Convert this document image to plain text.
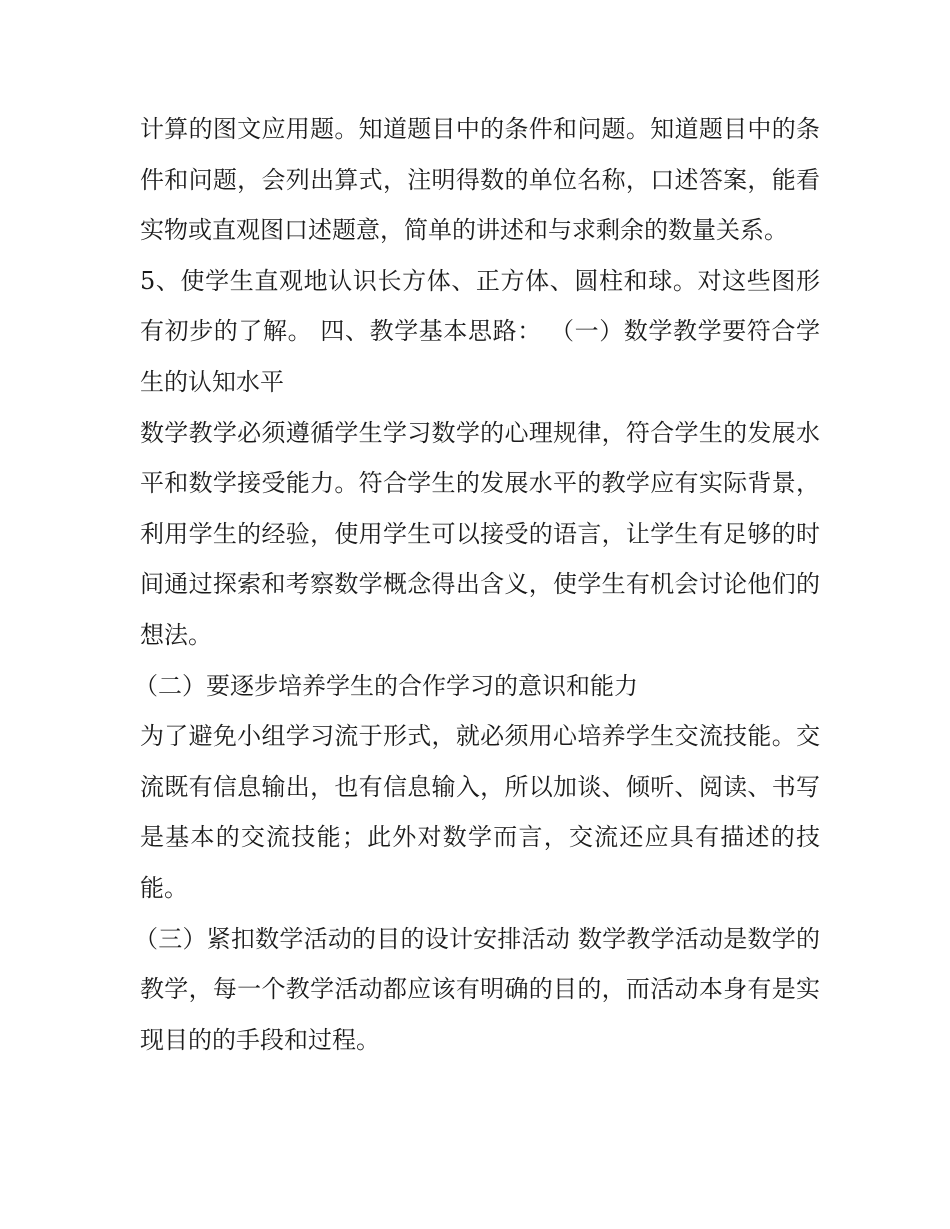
计算的图文应用题。知道题目中的条件和问题。知道题目中的条件和问题，会列出算式，注明得数的单位名称，口述答案，能看实物或直观图口述题意，简单的讲述和与求剩余的数量关系。

5、使学生直观地认识长方体、正方体、圆柱和球。对这些图形有初步的了解。 四、教学基本思路： （一）数学教学要符合学生的认知水平

数学教学必须遵循学生学习数学的心理规律，符合学生的发展水平和数学接受能力。符合学生的发展水平的教学应有实际背景，利用学生的经验，使用学生可以接受的语言，让学生有足够的时间通过探索和考察数学概念得出含义，使学生有机会讨论他们的想法。

（二）要逐步培养学生的合作学习的意识和能力

为了避免小组学习流于形式，就必须用心培养学生交流技能。交流既有信息输出，也有信息输入，所以加谈、倾听、阅读、书写是基本的交流技能；此外对数学而言，交流还应具有描述的技能。

（三）紧扣数学活动的目的设计安排活动 数学教学活动是数学的教学，每一个教学活动都应该有明确的目的，而活动本身有是实现目的的手段和过程。
